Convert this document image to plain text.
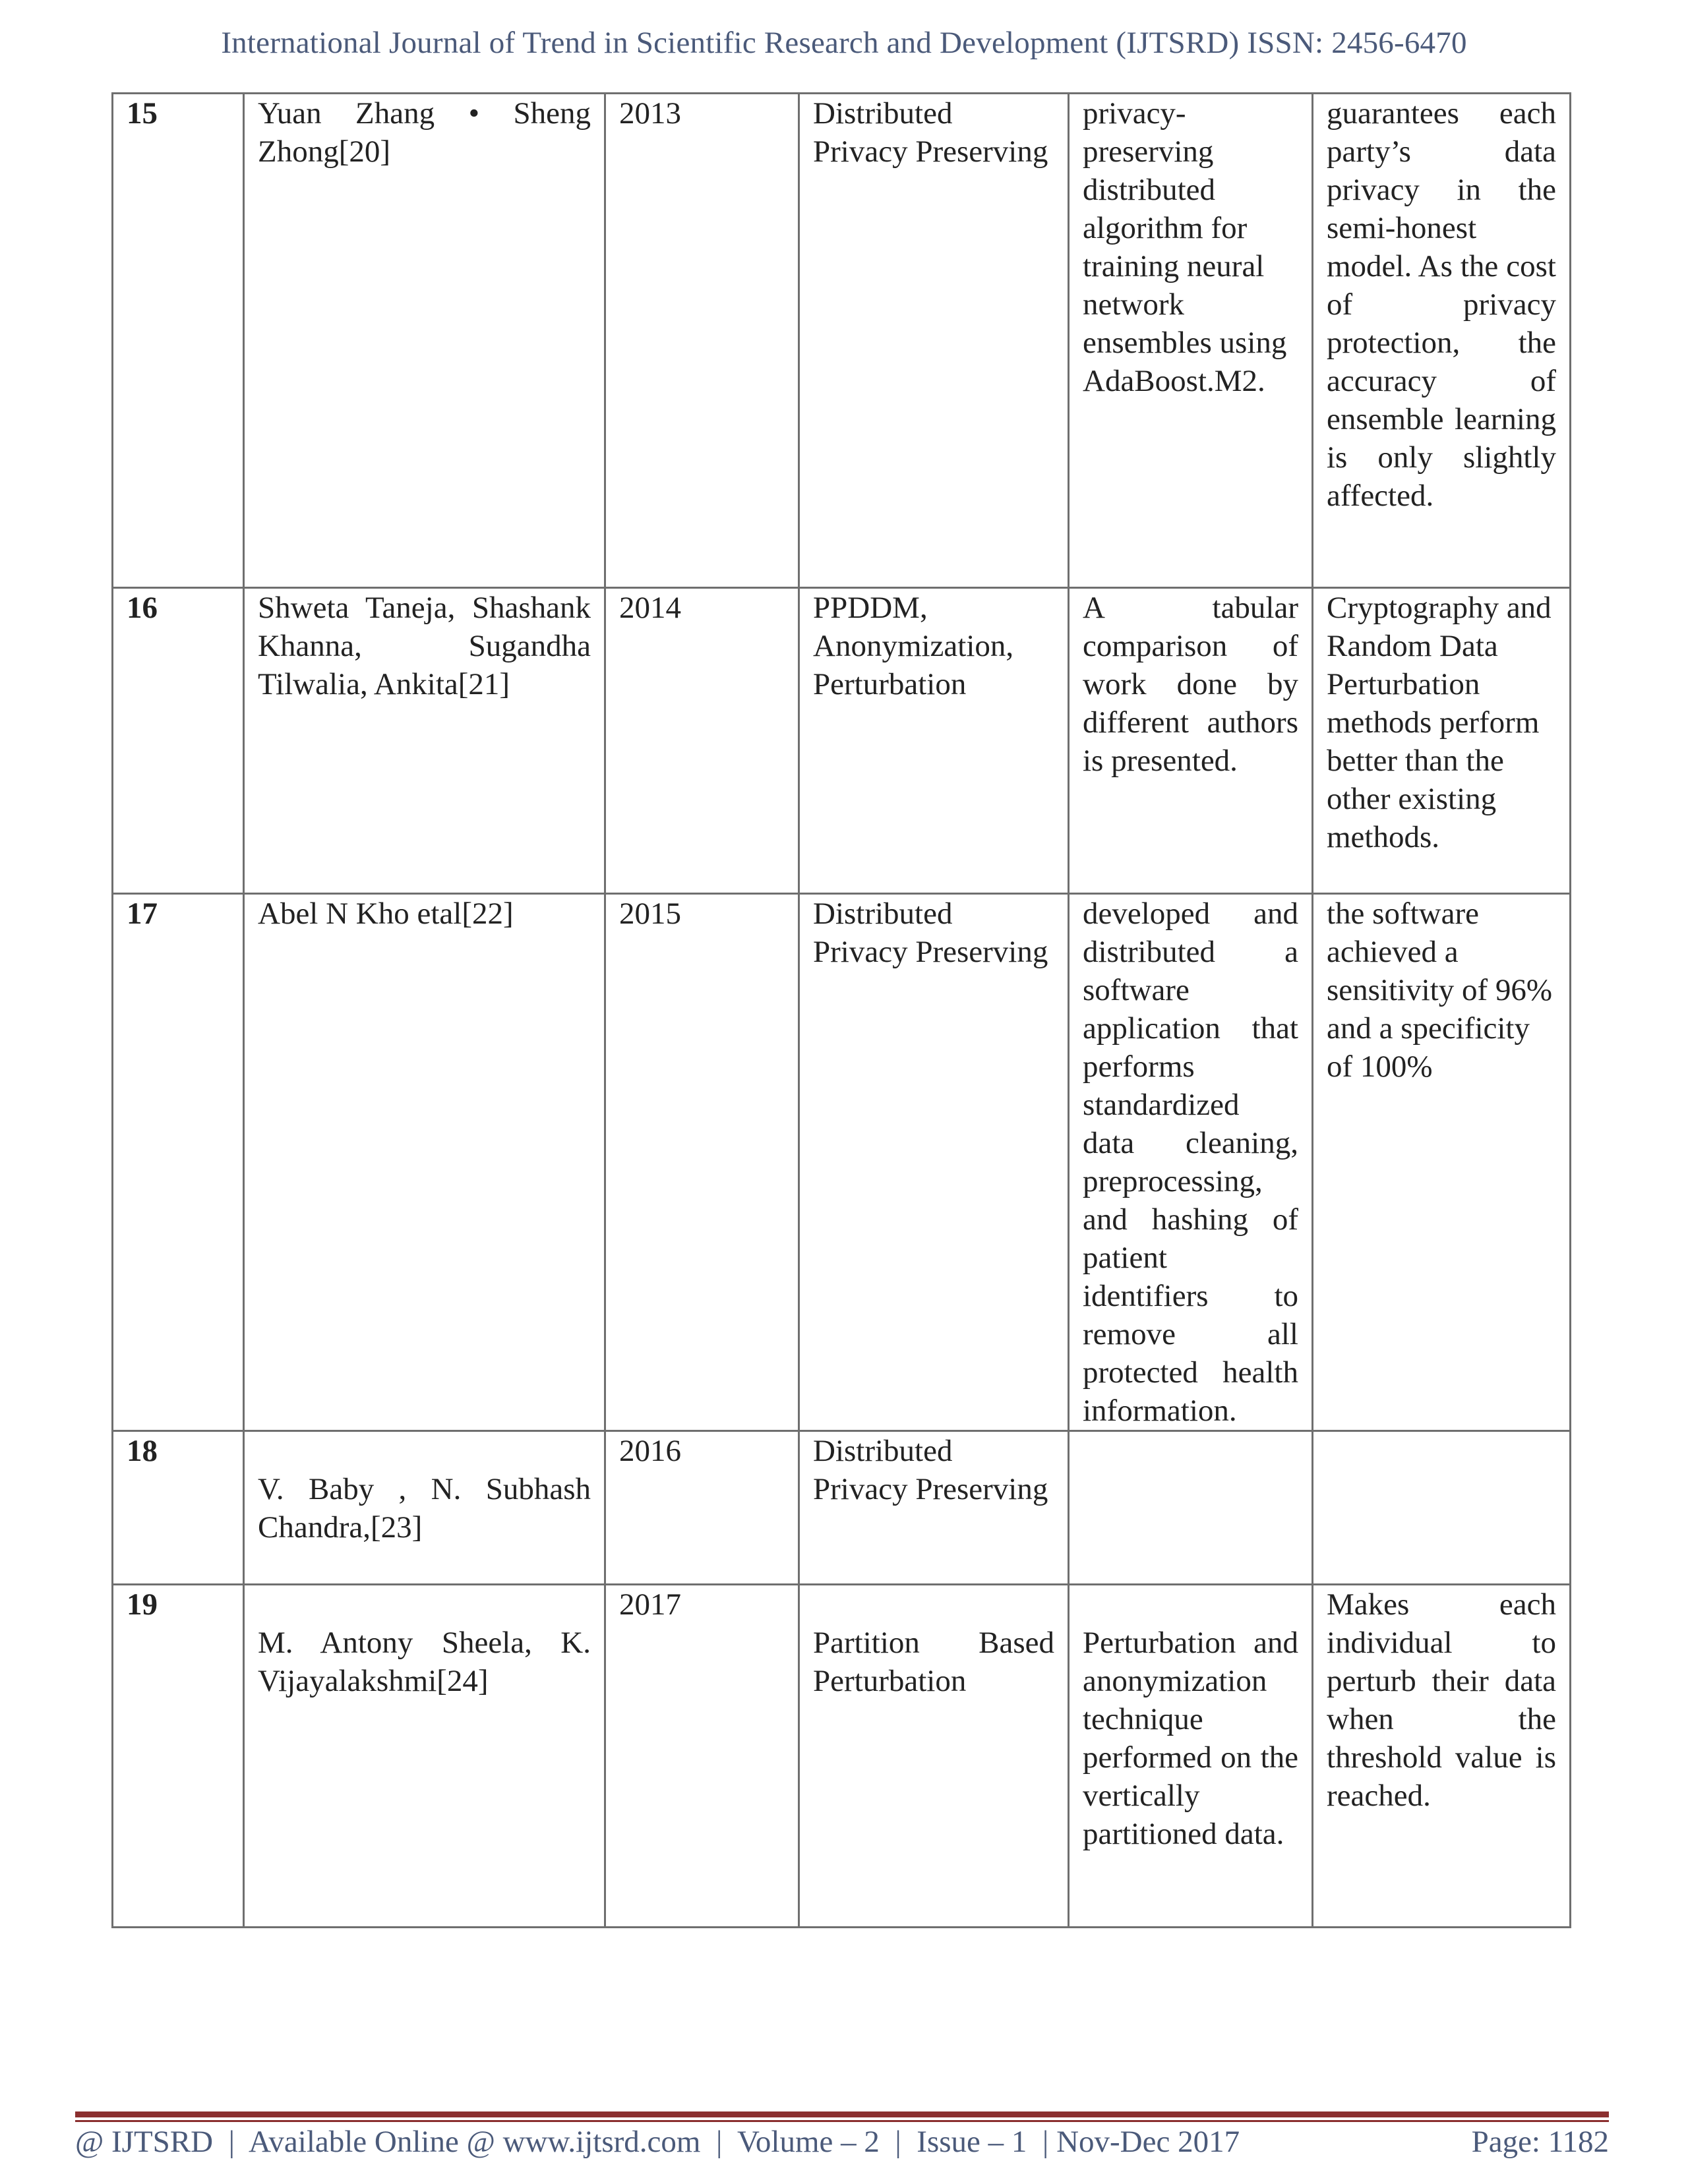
International Journal of Trend in Scientific Research and Development (IJTSRD) ISSN: 2456-6470
15	Yuan Zhang • Sheng Zhong[20]	2013	Distributed Privacy Preserving	privacy-preserving distributed algorithm for training neural network ensembles using AdaBoost.M2.	guarantees each party’s data privacy in the semi-honest model. As the cost of privacy protection, the accuracy of ensemble learning is only slightly affected.

16	Shweta Taneja, Shashank Khanna, Sugandha Tilwalia, Ankita[21]	2014	PPDDM, Anonymization, Perturbation	A tabular comparison of work done by different authors is presented.	Cryptography and Random Data Perturbation methods perform better than the other existing methods.

17	Abel N Kho etal[22]	2015	Distributed Privacy Preserving	developed and distributed a software application that performs standardized data cleaning, preprocessing, and hashing of patient identifiers to remove all protected health information.	the software achieved a sensitivity of 96% and a specificity of 100%

18	V. Baby , N. Subhash Chandra,[23]	2016	Distributed Privacy Preserving		

19	M. Antony Sheela, K. Vijayalakshmi[24]	2017	Partition Based Perturbation	Perturbation and anonymization technique performed on the vertically partitioned data.	Makes each individual to perturb their data when the threshold value is reached.
@ IJTSRD  |  Available Online @ www.ijtsrd.com  |  Volume – 2  |  Issue – 1  | Nov-Dec 2017	Page: 1182
